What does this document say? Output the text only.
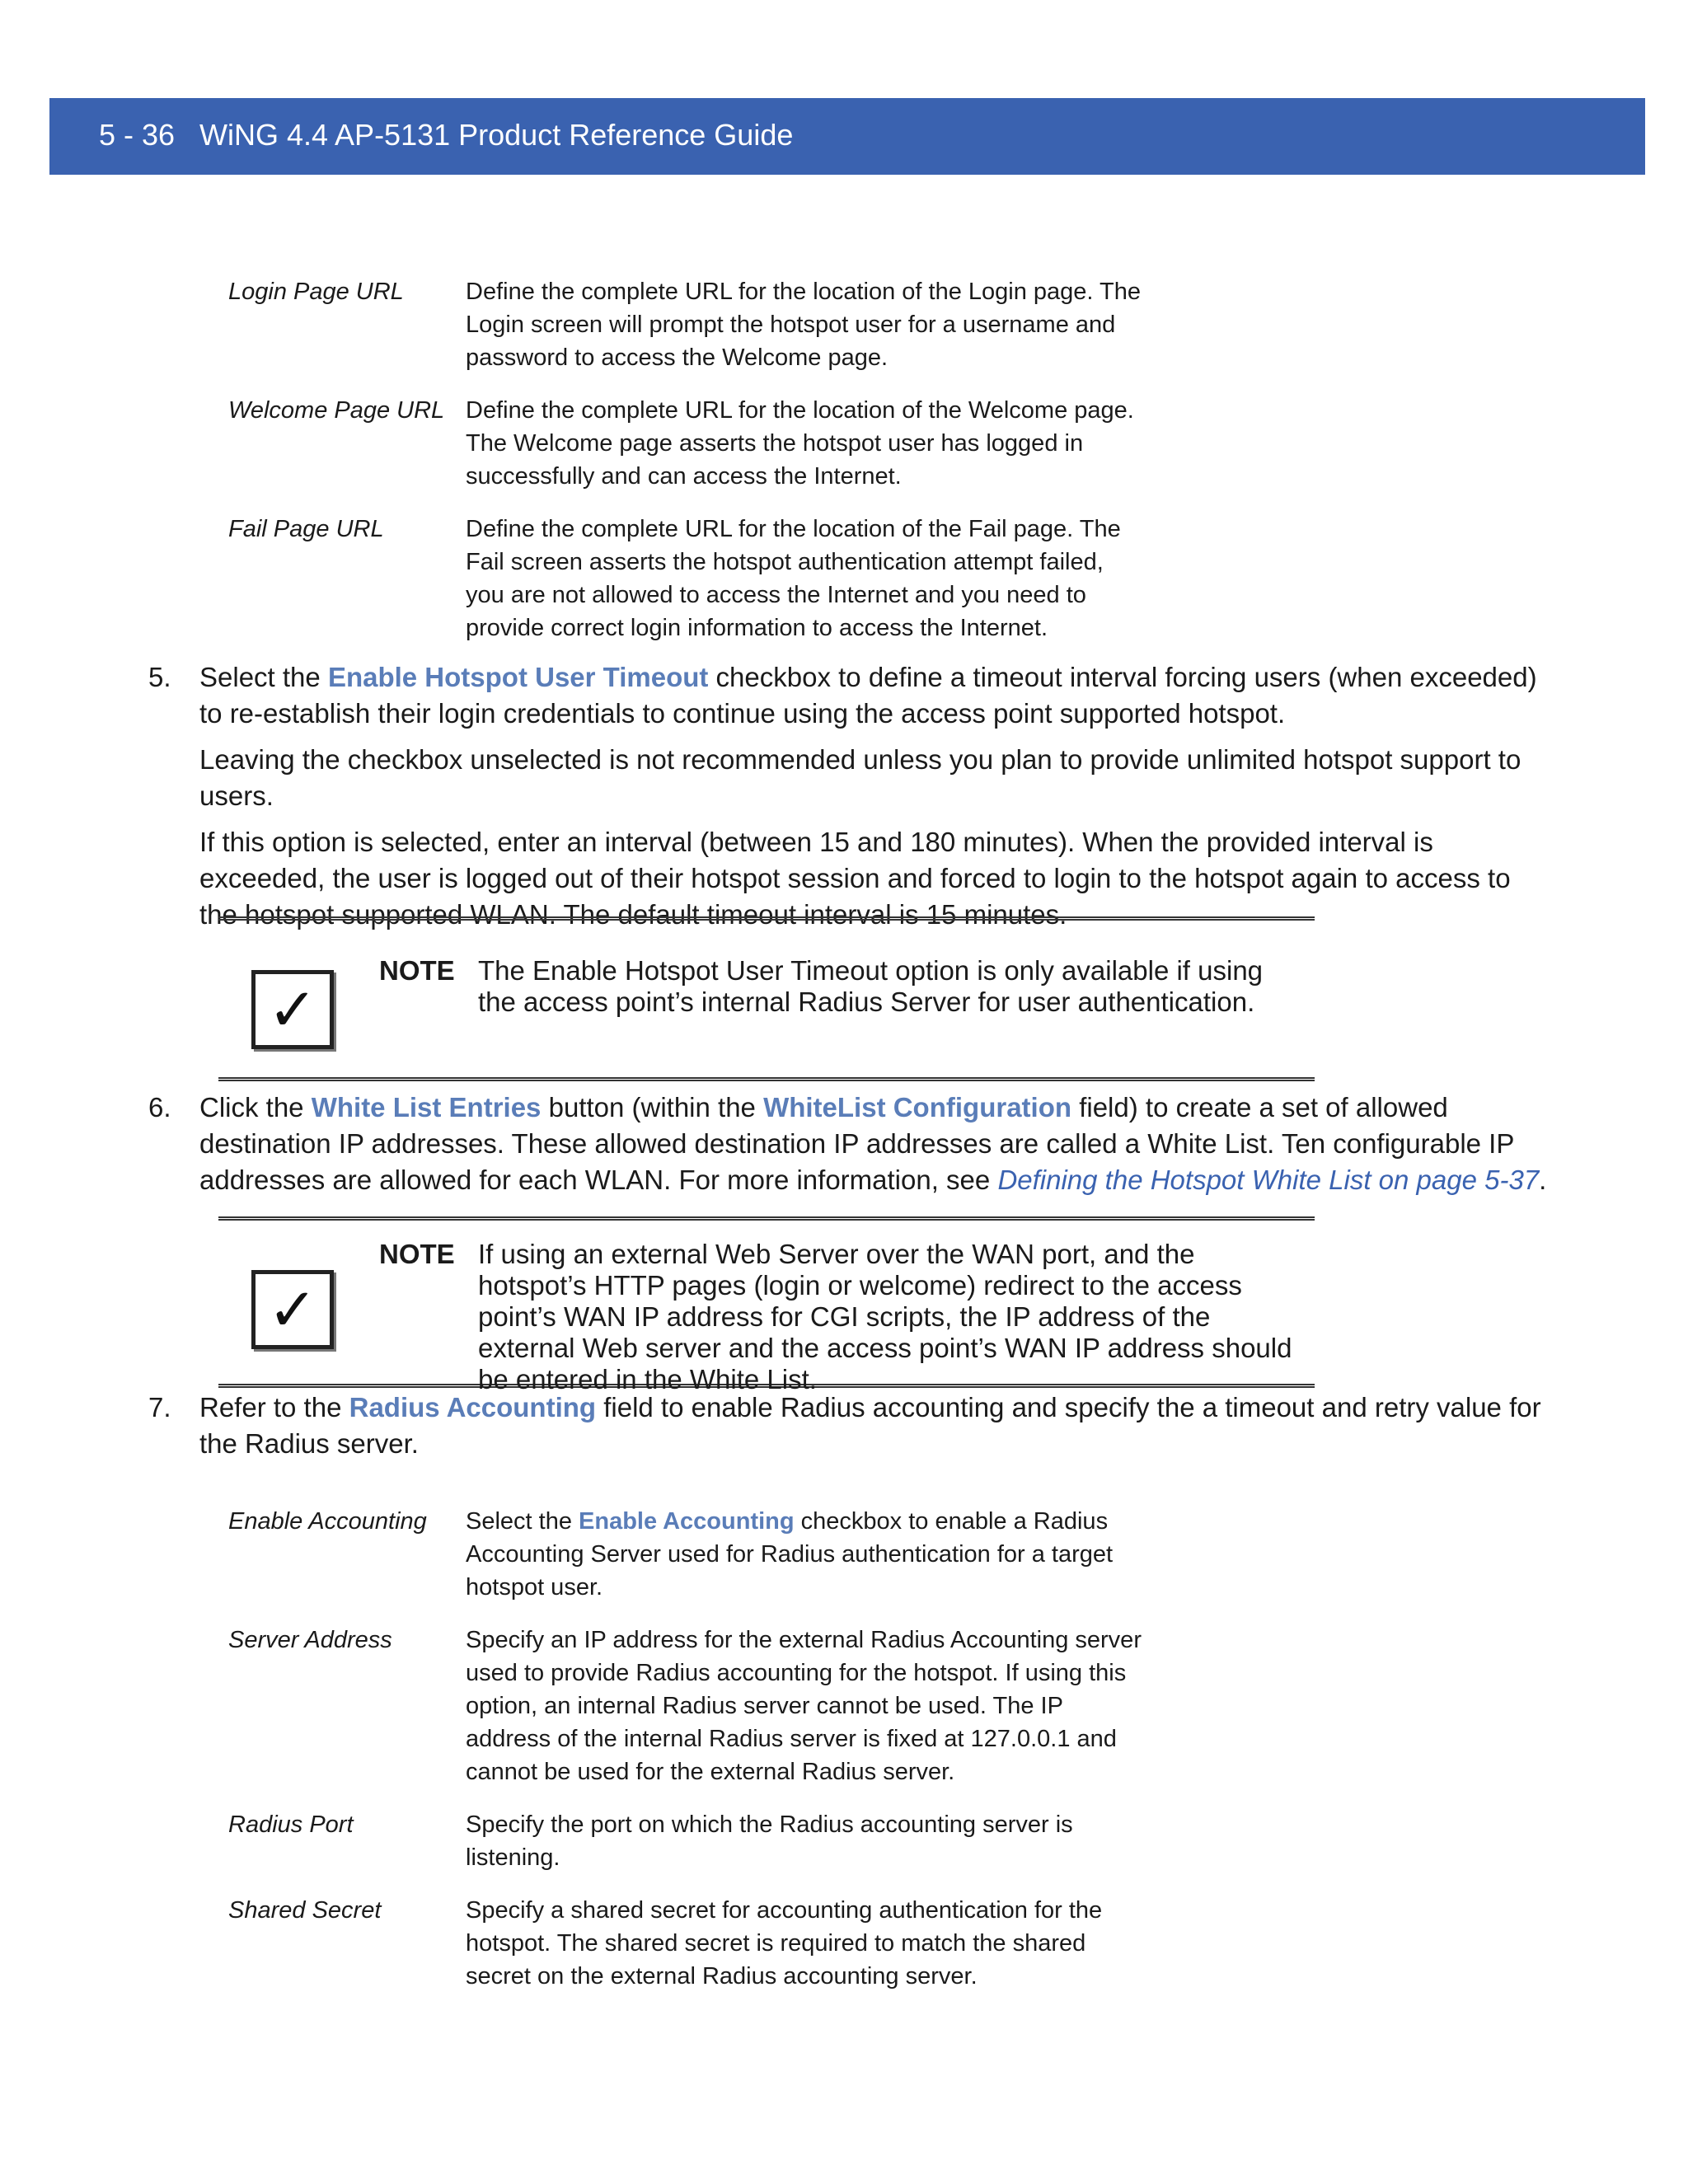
5 - 36 WiNG 4.4 AP-5131 Product Reference Guide
Login Page URL	Define the complete URL for the location of the Login page. The Login screen will prompt the hotspot user for a username and password to access the Welcome page.
Welcome Page URL Define the complete URL for the location of the Welcome page. The Welcome page asserts the hotspot user has logged in successfully and can access the Internet.
Fail Page URL	Define the complete URL for the location of the Fail page. The Fail screen asserts the hotspot authentication attempt failed, you are not allowed to access the Internet and you need to provide correct login information to access the Internet.
5.	Select the Enable Hotspot User Timeout checkbox to define a timeout interval forcing users (when exceeded) to re-establish their login credentials to continue using the access point supported hotspot.

Leaving the checkbox unselected is not recommended unless you plan to provide unlimited hotspot support to users.

If this option is selected, enter an interval (between 15 and 180 minutes). When the provided interval is exceeded, the user is logged out of their hotspot session and forced to login to the hotspot again to access to the hotspot supported WLAN. The default timeout interval is 15 minutes.

✓
NOTE The Enable Hotspot User Timeout option is only available if using the access point’s internal Radius Server for user authentication.
6.	Click the White List Entries button (within the WhiteList Configuration field) to create a set of allowed destination IP addresses. These allowed destination IP addresses are called a White List. Ten configurable IP addresses are allowed for each WLAN. For more information, see Defining the Hotspot White List on page 5-37.

✓
NOTE If using an external Web Server over the WAN port, and the hotspot’s HTTP pages (login or welcome) redirect to the access point’s WAN IP address for CGI scripts, the IP address of the external Web server and the access point’s WAN IP address should be entered in the White List.
7.	Refer to the Radius Accounting field to enable Radius accounting and specify the a timeout and retry value for the Radius server.

Enable Accounting	Select the Enable Accounting checkbox to enable a Radius Accounting Server used for Radius authentication for a target hotspot user.
Server Address	Specify an IP address for the external Radius Accounting server used to provide Radius accounting for the hotspot. If using this option, an internal Radius server cannot be used. The IP address of the internal Radius server is fixed at 127.0.0.1 and cannot be used for the external Radius server.
Radius Port	Specify the port on which the Radius accounting server is listening.
Shared Secret	Specify a shared secret for accounting authentication for the hotspot. The shared secret is required to match the shared secret on the external Radius accounting server.
